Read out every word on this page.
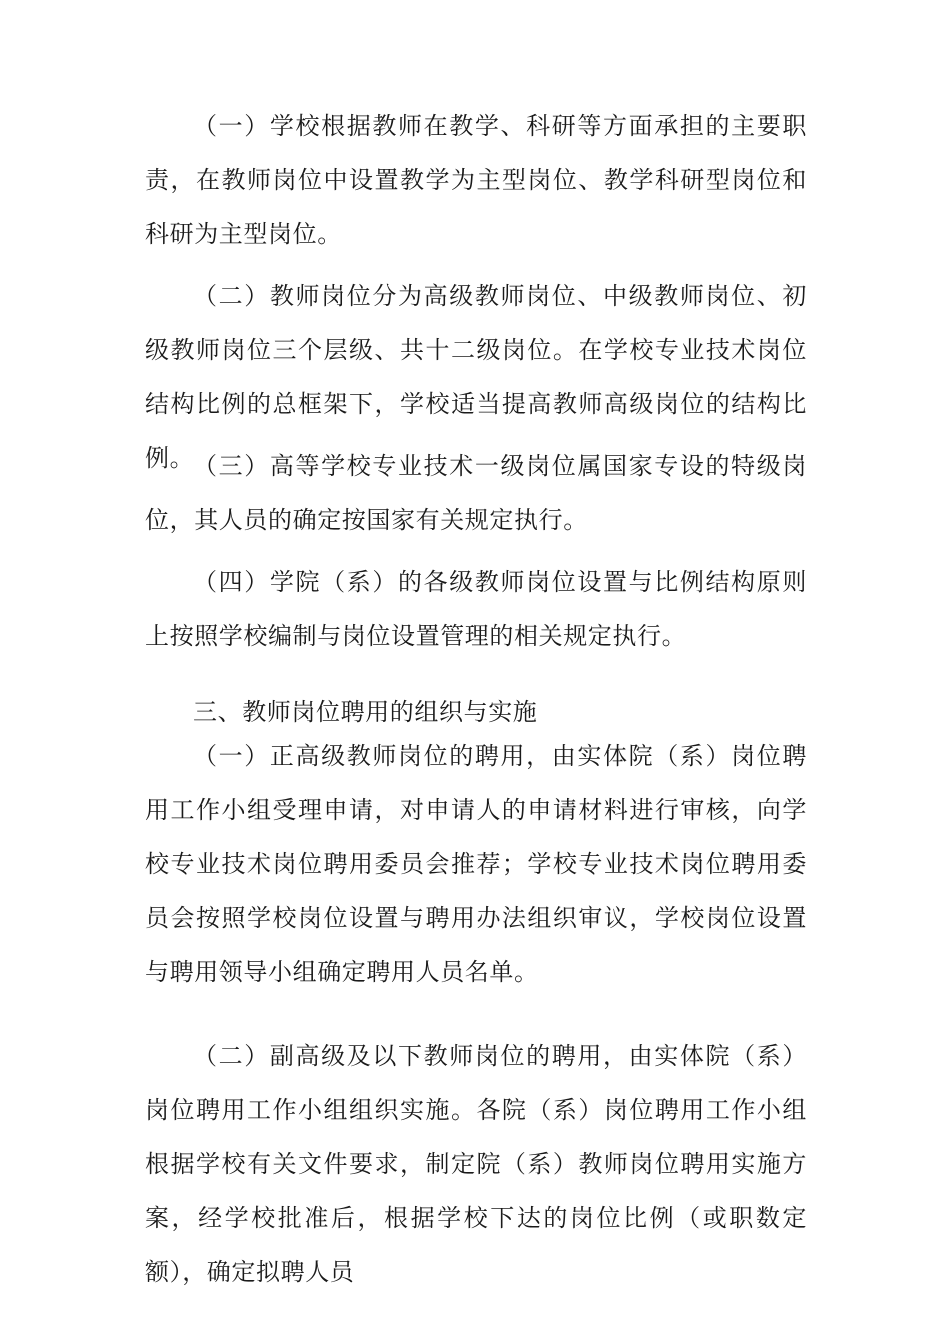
（一）学校根据教师在教学、科研等方面承担的主要职责，在教师岗位中设置教学为主型岗位、教学科研型岗位和科研为主型岗位。

（二）教师岗位分为高级教师岗位、中级教师岗位、初级教师岗位三个层级、共十二级岗位。在学校专业技术岗位结构比例的总框架下，学校适当提高教师高级岗位的结构比例。

（三）高等学校专业技术一级岗位属国家专设的特级岗位，其人员的确定按国家有关规定执行。

（四）学院（系）的各级教师岗位设置与比例结构原则上按照学校编制与岗位设置管理的相关规定执行。

三、教师岗位聘用的组织与实施

（一）正高级教师岗位的聘用，由实体院（系）岗位聘用工作小组受理申请，对申请人的申请材料进行审核，向学校专业技术岗位聘用委员会推荐；学校专业技术岗位聘用委员会按照学校岗位设置与聘用办法组织审议，学校岗位设置与聘用领导小组确定聘用人员名单。

（二）副高级及以下教师岗位的聘用，由实体院（系）岗位聘用工作小组组织实施。各院（系）岗位聘用工作小组根据学校有关文件要求，制定院（系）教师岗位聘用实施方案，经学校批准后，根据学校下达的岗位比例（或职数定额），确定拟聘人员
